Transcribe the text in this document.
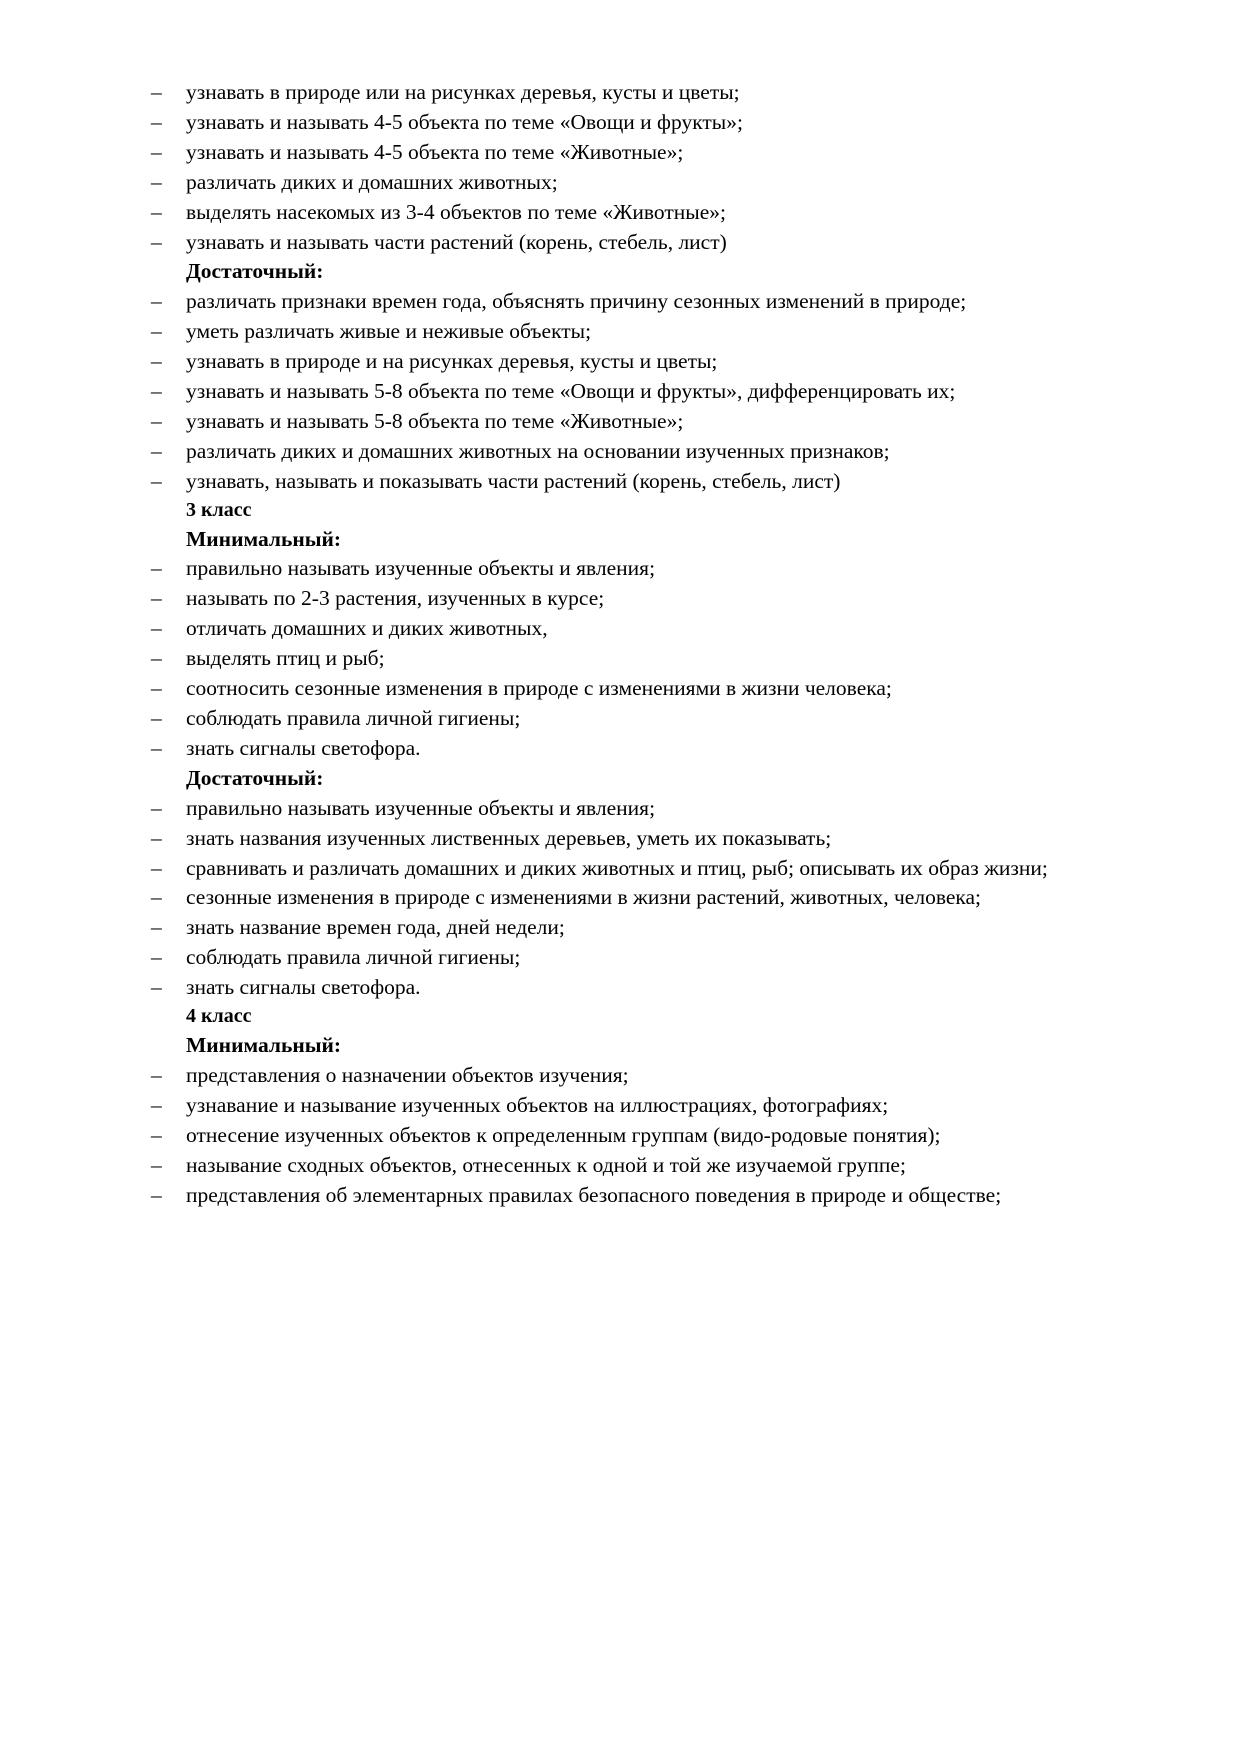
–	узнавать в природе или на рисунках деревья, кусты и цветы;
–	узнавать и называть 4-5 объекта по теме «Овощи и фрукты»;
–	узнавать и называть 4-5 объекта по теме «Животные»;
–	различать диких и домашних животных;
–	выделять насекомых из 3-4 объектов по теме «Животные»;
–	узнавать и называть части растений (корень, стебель, лист)
Достаточный:
–	различать признаки времен года, объяснять причину сезонных изменений в природе;
–	уметь различать живые и неживые объекты;
–	узнавать в природе и на рисунках деревья, кусты и цветы;
–	узнавать и называть 5-8 объекта по теме «Овощи и фрукты», дифференцировать их;
–	узнавать и называть 5-8 объекта по теме «Животные»;
–	различать диких и домашних животных на основании изученных признаков;
–	узнавать, называть и показывать части растений (корень, стебель, лист)
3 класс
Минимальный:
–	правильно называть изученные объекты и явления;
–	называть по 2-3 растения, изученных в курсе;
–	отличать домашних и диких животных,
–	выделять птиц и рыб;
–	соотносить сезонные изменения в природе с изменениями в жизни человека;
–	соблюдать правила личной гигиены;
–	знать сигналы светофора.
Достаточный:
–	правильно называть изученные объекты и явления;
–	знать названия изученных лиственных деревьев, уметь их показывать;
–	сравнивать и различать домашних и диких животных и птиц, рыб; описывать их образ жизни;
–	сезонные изменения в природе с изменениями в жизни растений, животных, человека;
–	знать название времен года, дней недели;
–	соблюдать правила личной гигиены;
–	знать сигналы светофора.
4 класс
Минимальный:
–	представления о назначении объектов изучения;
–	узнавание и называние изученных объектов на иллюстрациях, фотографиях;
–	отнесение изученных объектов к определенным группам (видо-родовые понятия);
–	называние сходных объектов, отнесенных к одной и той же изучаемой группе;
–	представления об элементарных правилах безопасного поведения в природе и обществе;
